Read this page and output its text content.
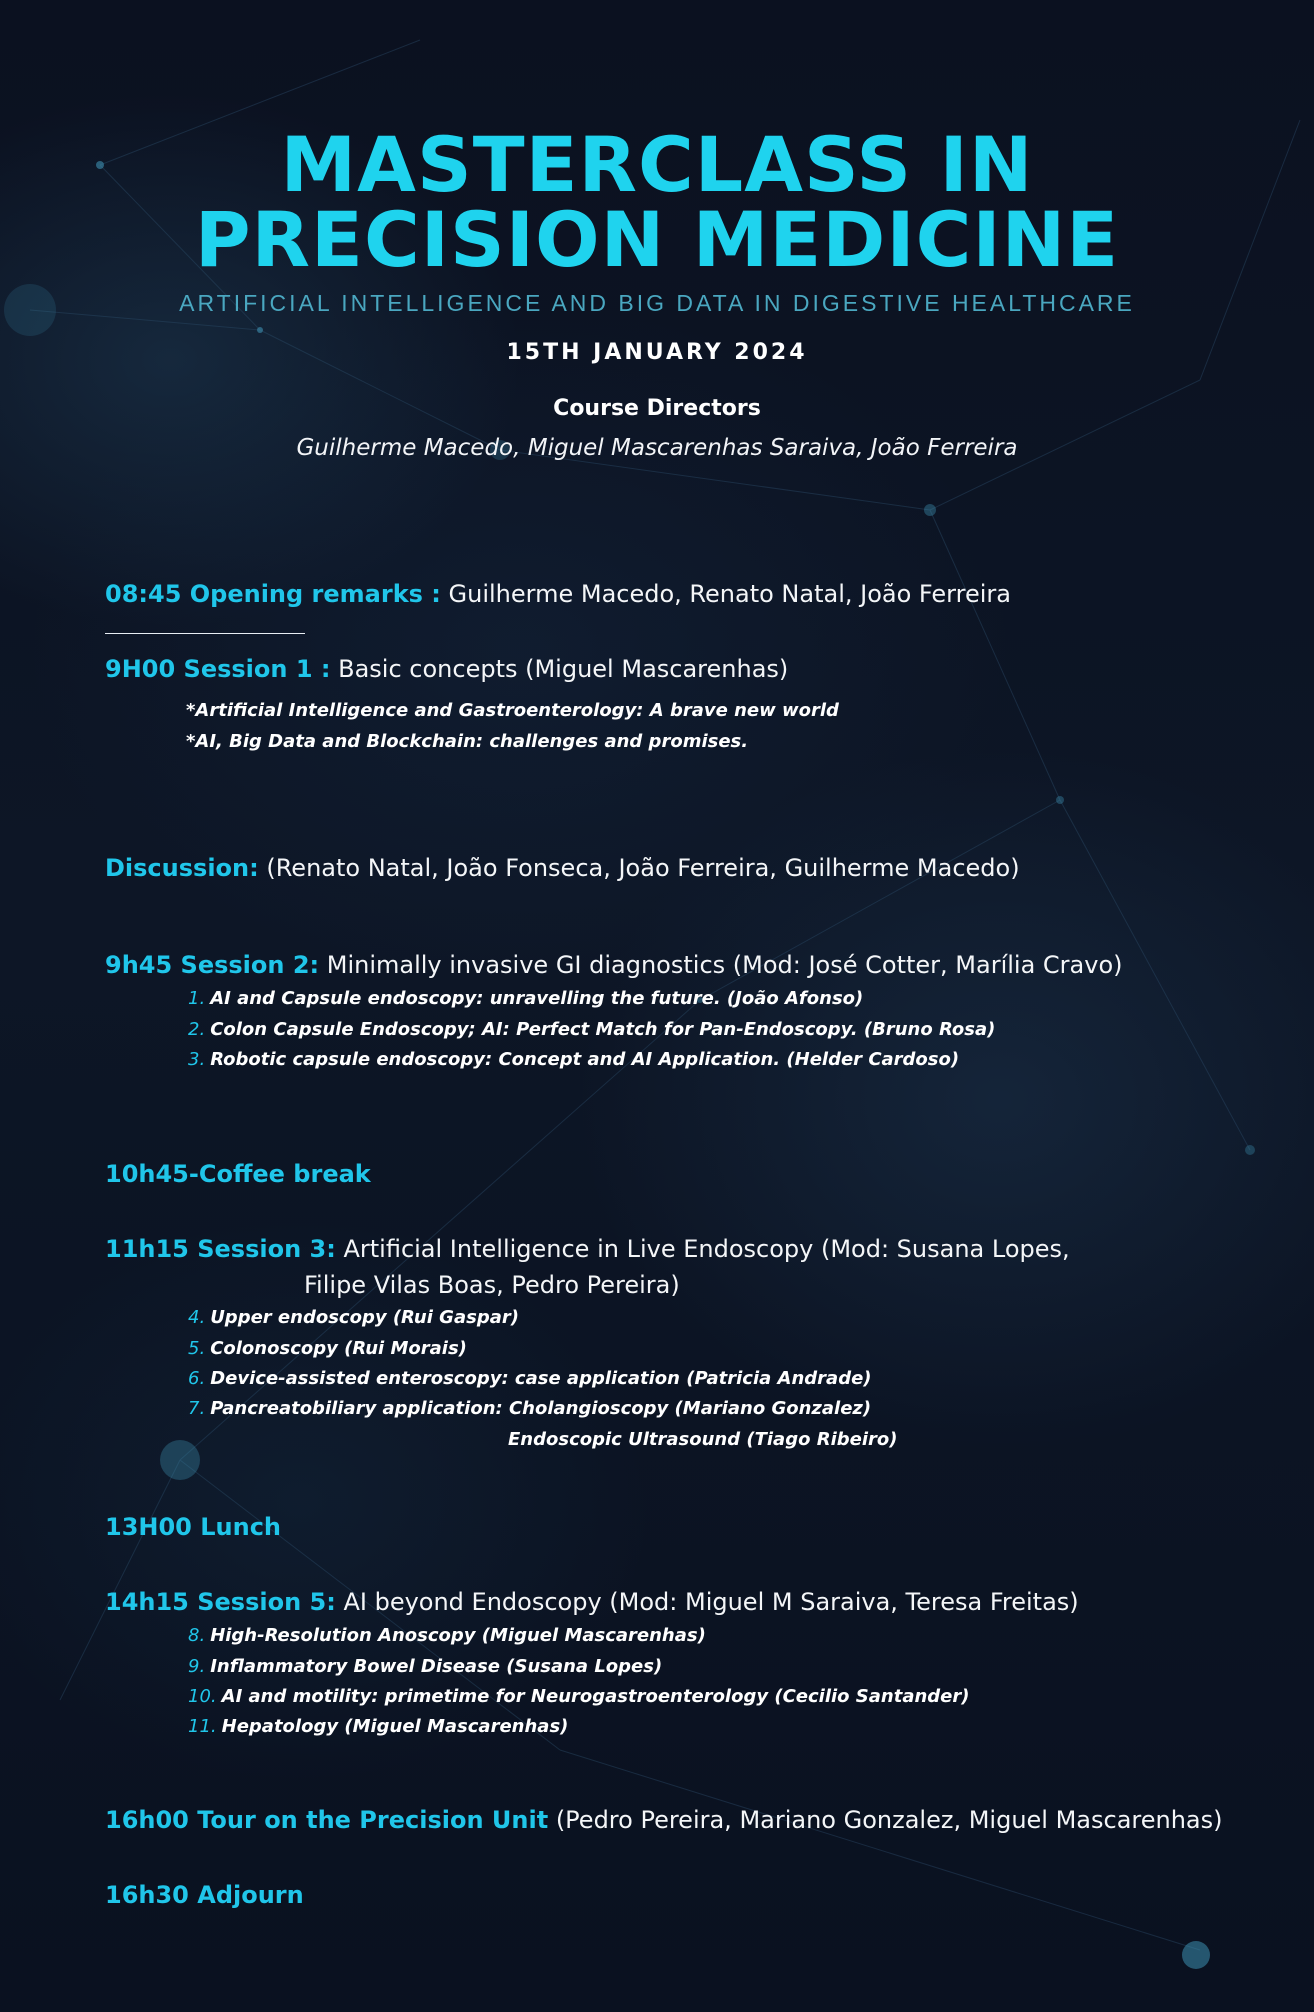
MASTERCLASS IN
PRECISION MEDICINE
ARTIFICIAL INTELLIGENCE AND BIG DATA IN DIGESTIVE HEALTHCARE
15TH JANUARY 2024
Course Directors
Guilherme Macedo, Miguel Mascarenhas Saraiva, João Ferreira
08:45 Opening remarks : Guilherme Macedo, Renato Natal, João Ferreira
9H00 Session 1 : Basic concepts (Miguel Mascarenhas)
*Artificial Intelligence and Gastroenterology: A brave new world
*AI, Big Data and Blockchain: challenges and promises.
Discussion: (Renato Natal, João Fonseca, João Ferreira, Guilherme Macedo)
9h45 Session 2: Minimally invasive GI diagnostics (Mod: José Cotter, Marília Cravo)
1. AI and Capsule endoscopy: unravelling the future. (João Afonso)
2. Colon Capsule Endoscopy; AI: Perfect Match for Pan-Endoscopy. (Bruno Rosa)
3. Robotic capsule endoscopy: Concept and AI Application. (Helder Cardoso)
10h45-Coffee break
11h15 Session 3: Artificial Intelligence in Live Endoscopy (Mod: Susana Lopes,
Filipe Vilas Boas, Pedro Pereira)
4. Upper endoscopy (Rui Gaspar)
5. Colonoscopy (Rui Morais)
6. Device-assisted enteroscopy: case application (Patricia Andrade)
7. Pancreatobiliary application: Cholangioscopy (Mariano Gonzalez)
Endoscopic Ultrasound (Tiago Ribeiro)
13H00 Lunch
14h15 Session 5: AI beyond Endoscopy (Mod: Miguel M Saraiva, Teresa Freitas)
8. High-Resolution Anoscopy (Miguel Mascarenhas)
9. Inflammatory Bowel Disease (Susana Lopes)
10. AI and motility: primetime for Neurogastroenterology (Cecilio Santander)
11. Hepatology (Miguel Mascarenhas)
16h00 Tour on the Precision Unit (Pedro Pereira, Mariano Gonzalez, Miguel Mascarenhas)
16h30 Adjourn
